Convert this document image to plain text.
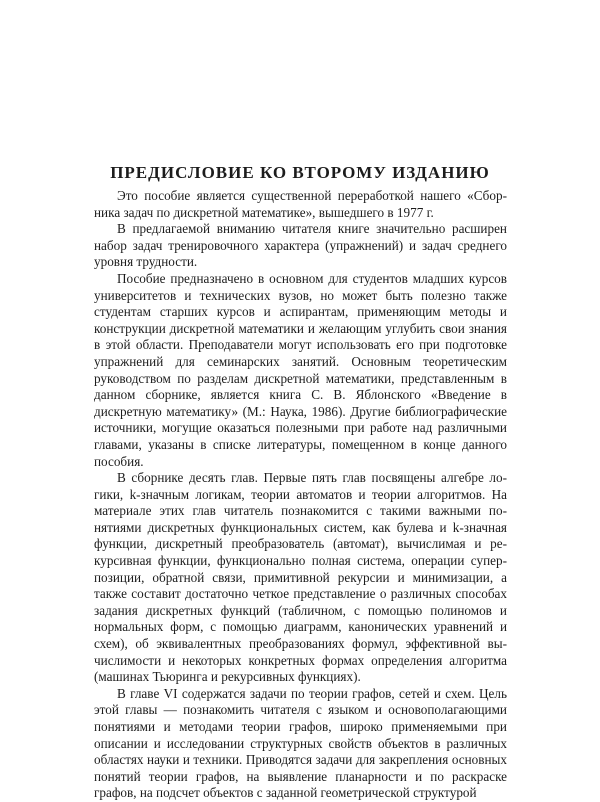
ПРЕДИСЛОВИЕ КО ВТОРОМУ ИЗДАНИЮ

Это пособие является существенной переработкой нашего «Сборника задач по дискретной математике», вышедшего в 1977 г.

В предлагаемой вниманию читателя книге значительно расширен набор задач тренировочного характера (упражнений) и задач среднего уровня трудности.

Пособие предназначено в основном для студентов младших курсов университетов и технических вузов, но может быть полезно также студентам старших курсов и аспирантам, применяющим методы и конструкции дискретной математики и желающим углубить свои знания в этой области. Преподаватели могут использовать его при подготовке упражнений для семинарских занятий. Основным теоретическим руководством по разделам дискретной математики, представленным в данном сборнике, является книга С. В. Яблонского «Введение в дискретную математику» (М.: Наука, 1986). Другие библиографические источники, могущие оказаться полезными при работе над различными главами, указаны в списке литературы, помещенном в конце данного пособия.

В сборнике десять глав. Первые пять глав посвящены алгебре логики, k-значным логикам, теории автоматов и теории алгоритмов. На материале этих глав читатель познакомится с такими важными понятиями дискретных функциональных систем, как булева и k-значная функции, дискретный преобразователь (автомат), вычислимая и рекурсивная функции, функционально полная система, операции суперпозиции, обратной связи, примитивной рекурсии и минимизации, а также составит достаточно четкое представление о различных способах задания дискретных функций (табличном, с помощью полиномов и нормальных форм, с помощью диаграмм, канонических уравнений и схем), об эквивалентных преобразованиях формул, эффективной вычислимости и некоторых конкретных формах определения алгоритма (машинах Тьюринга и рекурсивных функциях).

В главе VI содержатся задачи по теории графов, сетей и схем. Цель этой главы — познакомить читателя с языком и основополагающими понятиями и методами теории графов, широко применяемыми при описании и исследовании структурных свойств объектов в различных областях науки и техники. Приводятся задачи для закрепления основных понятий теории графов, на выявление планарности и по раскраске графов, на подсчет объектов с заданной геометрической структурой
